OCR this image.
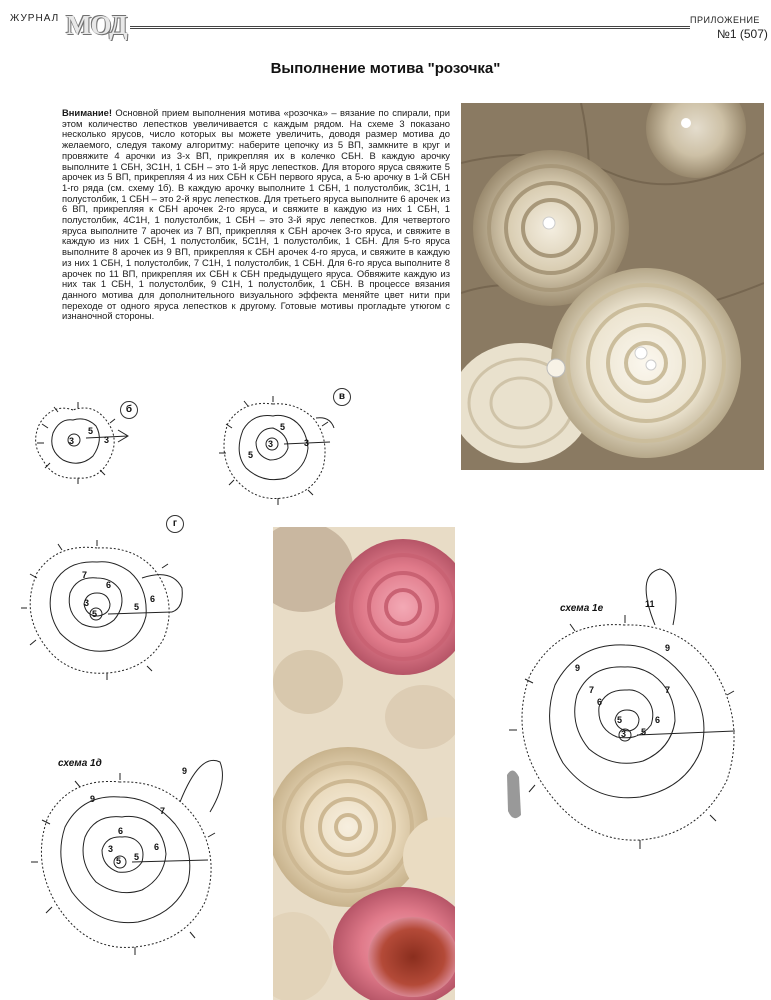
ЖУРНАЛ МОД	ПРИЛОЖЕНИЕ
№1 (507)
Выполнение мотива "розочка"
Внимание! Основной прием выполнения мотива «розочка» – вязание по спирали, при этом количество лепестков увеличивается с каждым рядом. На схеме 3 показано несколько ярусов, число которых вы можете увеличить, доводя размер мотива до желаемого, следуя такому алгоритму: наберите цепочку из 5 ВП, замкните в круг и провяжите 4 арочки из 3-х ВП, прикрепляя их в колечко СБН. В каждую арочку выполните 1 СБН, 3С1Н, 1 СБН – это 1-й ярус лепестков. Для второго яруса свяжите 5 арочек из 5 ВП, прикрепляя 4 из них СБН к СБН первого яруса, а 5-ю арочку в 1-й СБН 1-го ряда (см. схему 1б). В каждую арочку выполните 1 СБН, 1 полустолбик, 3С1Н, 1 полустолбик, 1 СБН – это 2-й ярус лепестков. Для третьего яруса выполните 6 арочек из 6 ВП, прикрепляя к СБН арочек 2-го яруса, и свяжите в каждую из них 1 СБН, 1 полустолбик, 4С1Н, 1 полустолбик, 1 СБН – это 3-й ярус лепестков. Для четвертого яруса выполните 7 арочек из 7 ВП, прикрепляя к СБН арочек 3-го яруса, и свяжите в каждую из них 1 СБН, 1 полустолбик, 5С1Н, 1 полустолбик, 1 СБН. Для 5-го яруса выполните 8 арочек из 9 ВП, прикрепляя к СБН арочек 4-го яруса, и свяжите в каждую из них 1 СБН, 1 полустолбик, 7 С1Н, 1 полустолбик, 1 СБН. Для 6-го яруса выполните 8 арочек по 11 ВП, прикрепляя их СБН к СБН предыдущего яруса. Обвяжите каждую из них так 1 СБН, 1 полустолбик, 9 С1Н, 1 полустолбик, 1 СБН. В процессе вязания данного мотива для дополнительного визуального эффекта меняйте цвет нити при переходе от одного яруса лепестков к другому. Готовые мотивы прогладьте утюгом с изнаночной стороны.
3
5
3
б
5
3
5
3
в
7
6
5
3	6
5
г
схема 1д
9
7
9
6
5
3
5
6
схема 1е	11
9
9
7
6
5
3 5
6
7
